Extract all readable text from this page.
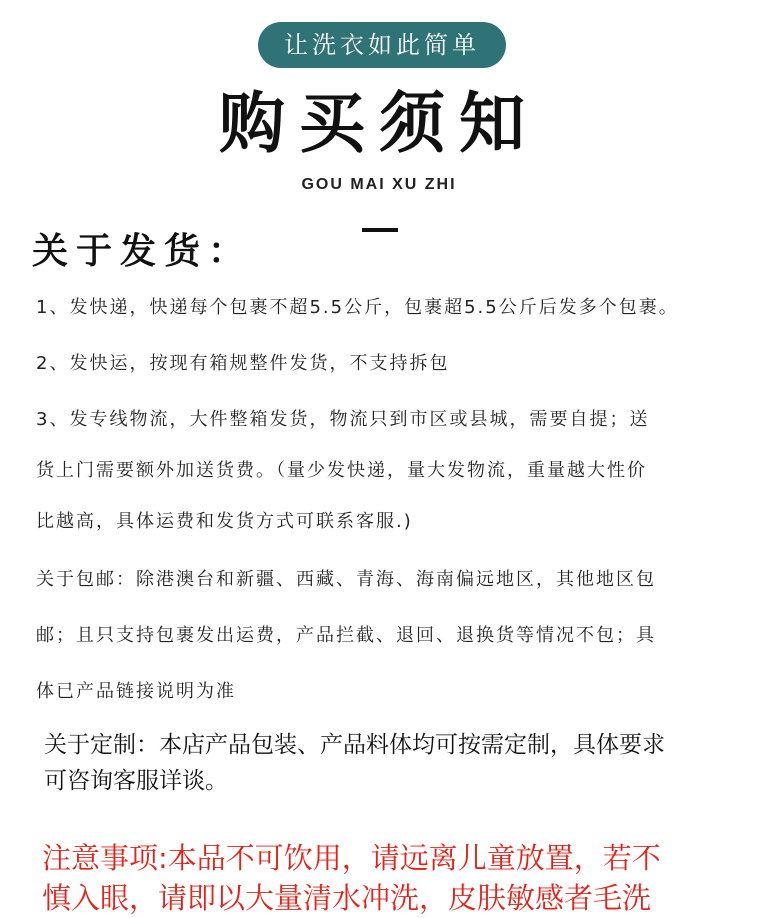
让洗衣如此简单
购买须知
GOU MAI XU ZHI
关于发货：
1、发快递，快递每个包裹不超5.5公斤，包裹超5.5公斤后发多个包裹。
2、发快运，按现有箱规整件发货，不支持拆包
3、发专线物流，大件整箱发货，物流只到市区或县城，需要自提；送
货上门需要额外加送货费。（量少发快递，量大发物流，重量越大性价
比越高，具体运费和发货方式可联系客服.)
关于包邮：除港澳台和新疆、西藏、青海、海南偏远地区，其他地区包
邮；且只支持包裹发出运费，产品拦截、退回、退换货等情况不包；具
体已产品链接说明为准
关于定制：本店产品包装、产品料体均可按需定制，具体要求
可咨询客服详谈。
注意事项:本品不可饮用，请远离儿童放置，若不
慎入眼，请即以大量清水冲洗，皮肤敏感者毛洗
